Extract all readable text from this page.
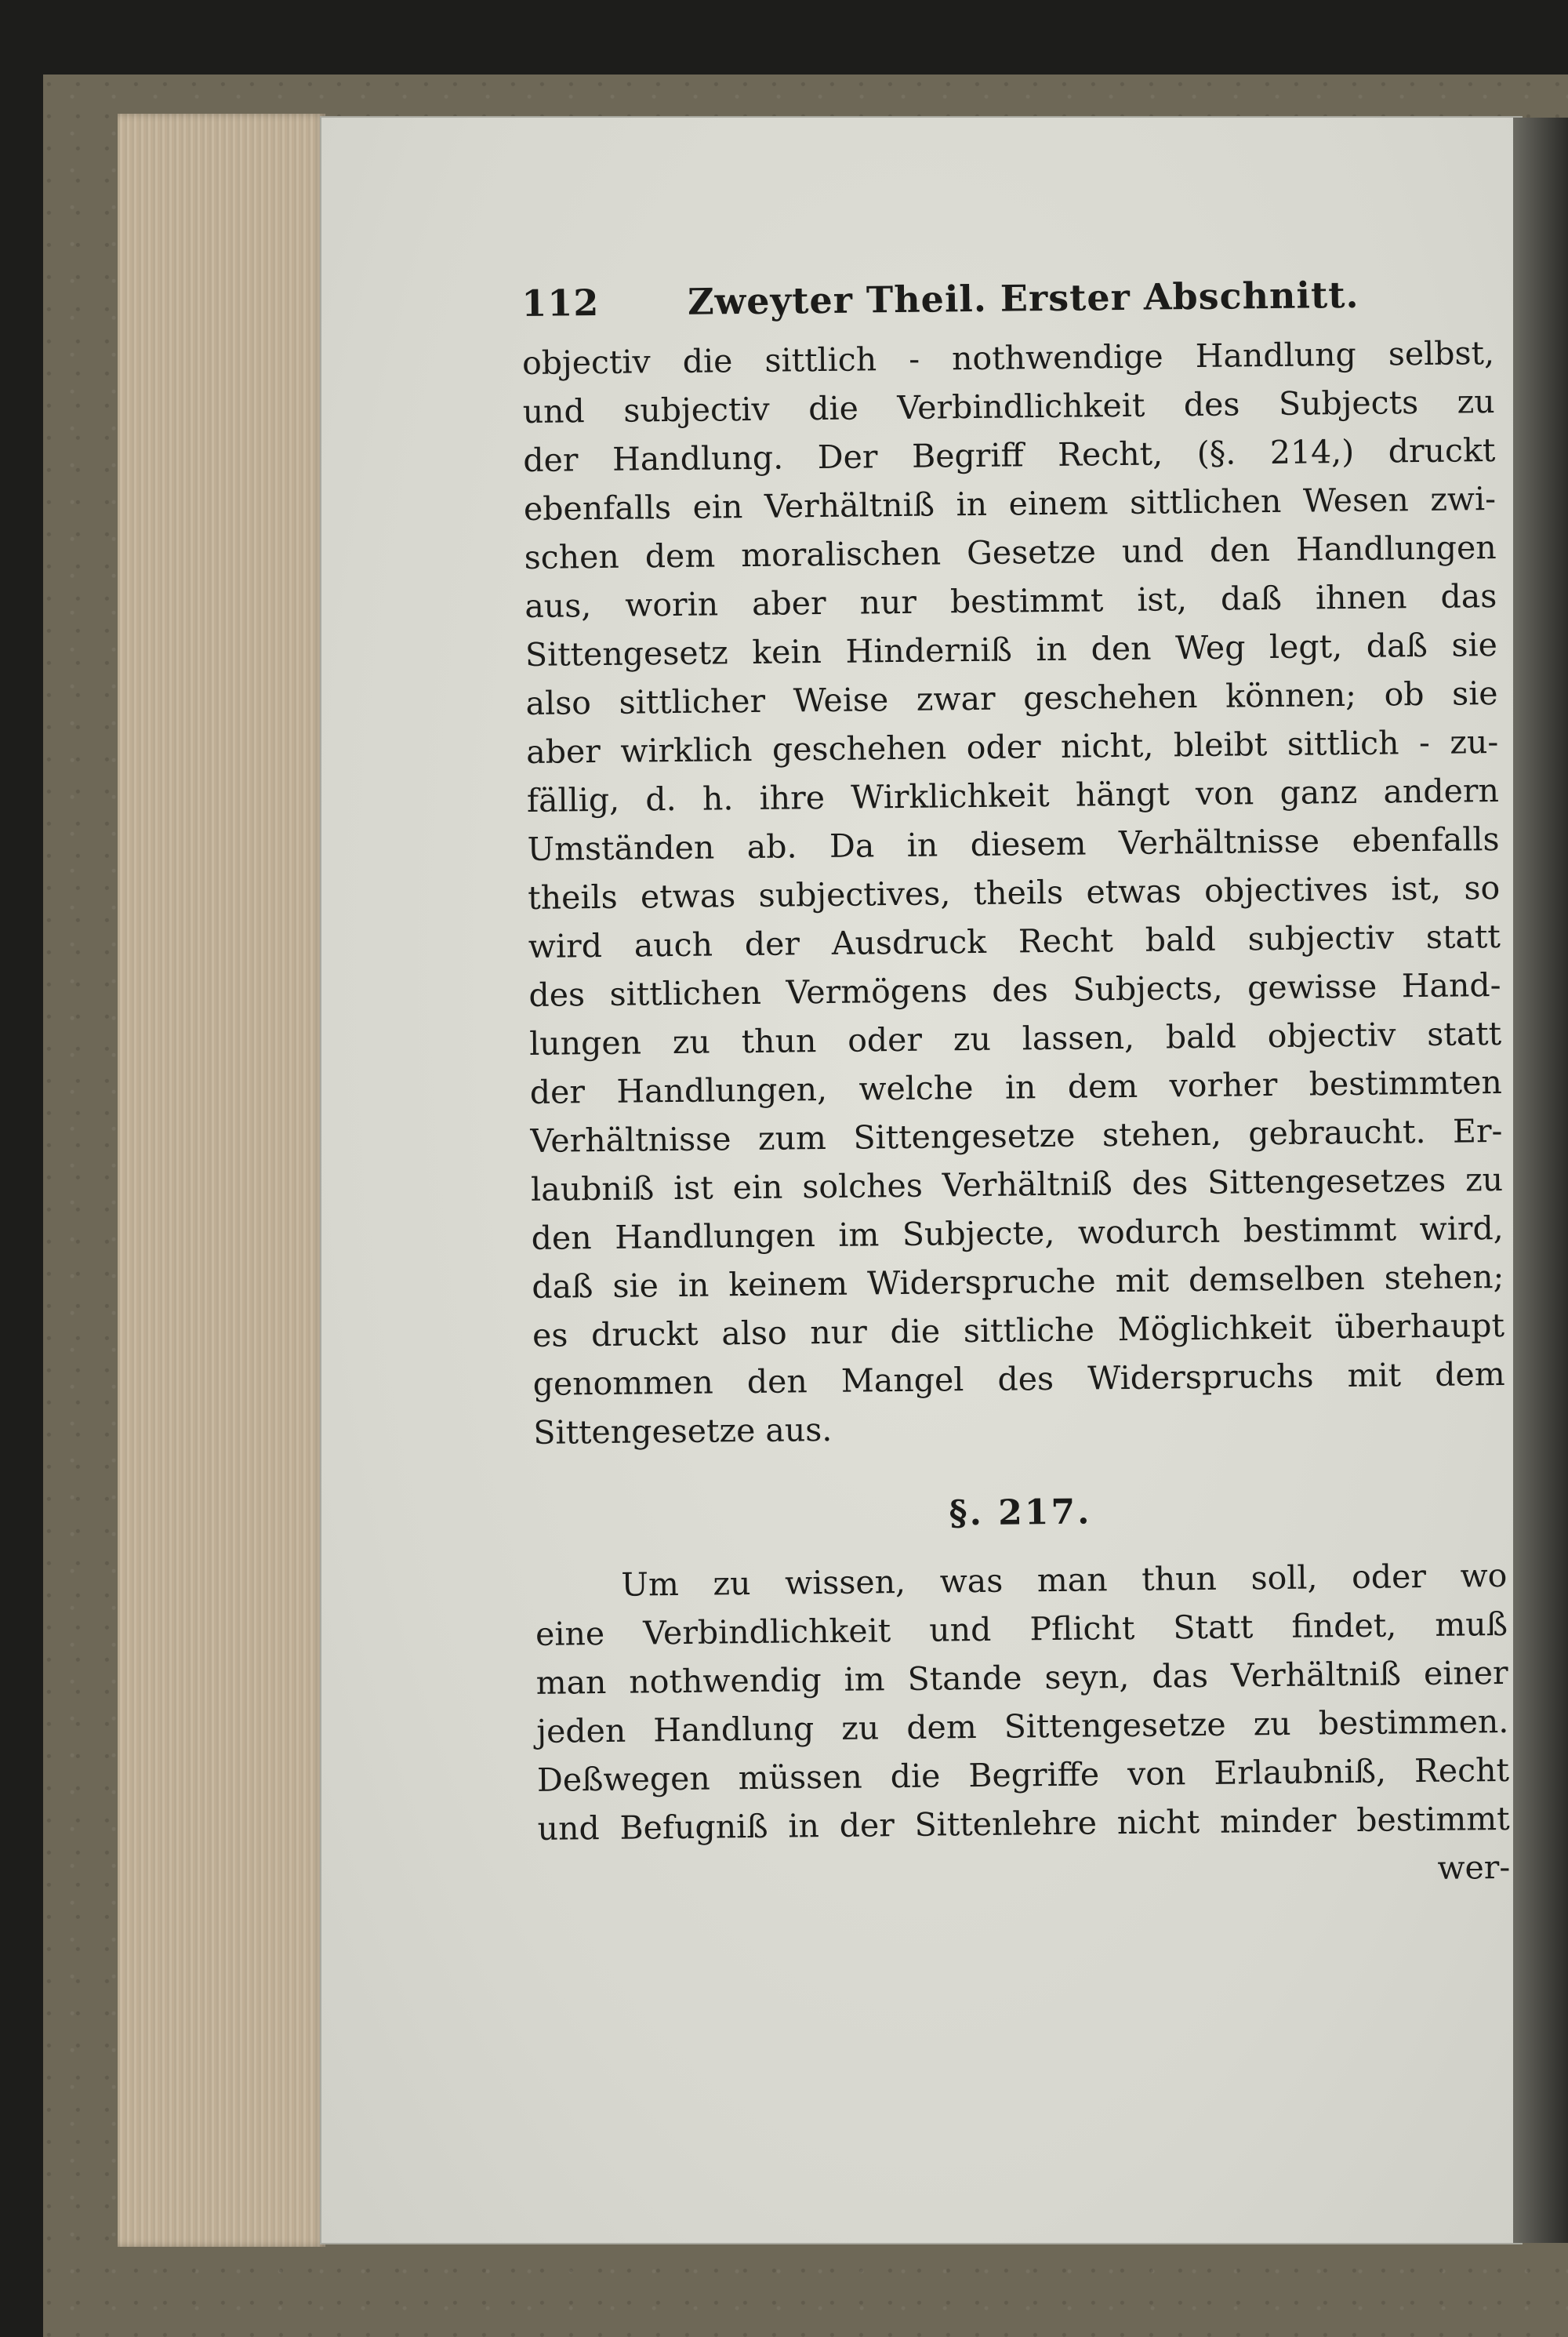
112	Zweyter Theil. Erster Abschnitt.

objectiv die sittlich - nothwendige Handlung selbst,
und subjectiv die Verbindlichkeit des Subjects zu
der Handlung. Der Begriff Recht, (§. 214,) druckt
ebenfalls ein Verhältniß in einem sittlichen Wesen zwi-
schen dem moralischen Gesetze und den Handlungen
aus, worin aber nur bestimmt ist, daß ihnen das
Sittengesetz kein Hinderniß in den Weg legt, daß sie
also sittlicher Weise zwar geschehen können; ob sie
aber wirklich geschehen oder nicht, bleibt sittlich - zu-
fällig, d. h. ihre Wirklichkeit hängt von ganz andern
Umständen ab. Da in diesem Verhältnisse ebenfalls
theils etwas subjectives, theils etwas objectives ist, so
wird auch der Ausdruck Recht bald subjectiv statt
des sittlichen Vermögens des Subjects, gewisse Hand-
lungen zu thun oder zu lassen, bald objectiv statt
der Handlungen, welche in dem vorher bestimmten
Verhältnisse zum Sittengesetze stehen, gebraucht. Er-
laubniß ist ein solches Verhältniß des Sittengesetzes zu
den Handlungen im Subjecte, wodurch bestimmt wird,
daß sie in keinem Widerspruche mit demselben stehen;
es druckt also nur die sittliche Möglichkeit überhaupt
genommen den Mangel des Widerspruchs mit dem
Sittengesetze aus.

§. 217.

Um zu wissen, was man thun soll, oder wo
eine Verbindlichkeit und Pflicht Statt findet, muß
man nothwendig im Stande seyn, das Verhältniß einer
jeden Handlung zu dem Sittengesetze zu bestimmen.
Deßwegen müssen die Begriffe von Erlaubniß, Recht
und Befugniß in der Sittenlehre nicht minder bestimmt

wer-
